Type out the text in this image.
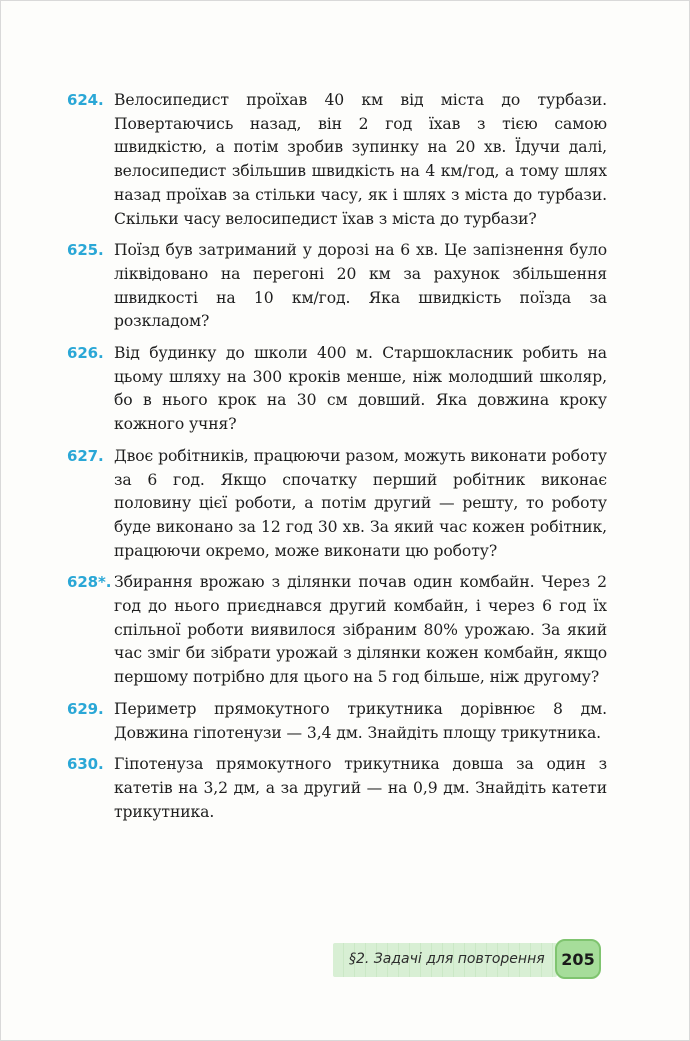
624. Велосипедист проїхав 40 км від міста до турбази. Повертаючись назад, він 2 год їхав з тією самою швидкістю, а потім зробив зупинку на 20 хв. Їдучи далі, велосипедист збільшив швидкість на 4 км/год, а тому шлях назад проїхав за стільки часу, як і шлях з міста до турбази. Скільки часу велосипедист їхав з міста до турбази?
625. Поїзд був затриманий у дорозі на 6 хв. Це запізнення було ліквідовано на перегоні 20 км за рахунок збільшення швидкості на 10 км/год. Яка швидкість поїзда за розкладом?
626. Від будинку до школи 400 м. Старшокласник робить на цьому шляху на 300 кроків менше, ніж молодший школяр, бо в нього крок на 30 см довший. Яка довжина кроку кожного учня?
627. Двоє робітників, працюючи разом, можуть виконати роботу за 6 год. Якщо спочатку перший робітник виконає половину цієї роботи, а потім другий — решту, то роботу буде виконано за 12 год 30 хв. За який час кожен робітник, працюючи окремо, може виконати цю роботу?
628*. Збирання врожаю з ділянки почав один комбайн. Через 2 год до нього приєднався другий комбайн, і через 6 год їх спільної роботи виявилося зібраним 80% урожаю. За який час зміг би зібрати урожай з ділянки кожен комбайн, якщо першому потрібно для цього на 5 год більше, ніж другому?
629. Периметр прямокутного трикутника дорівнює 8 дм. Довжина гіпотенузи — 3,4 дм. Знайдіть площу трикутника.
630. Гіпотенуза прямокутного трикутника довша за один з катетів на 3,2 дм, а за другий — на 0,9 дм. Знайдіть катети трикутника.
§2. Задачі для повторення 205
